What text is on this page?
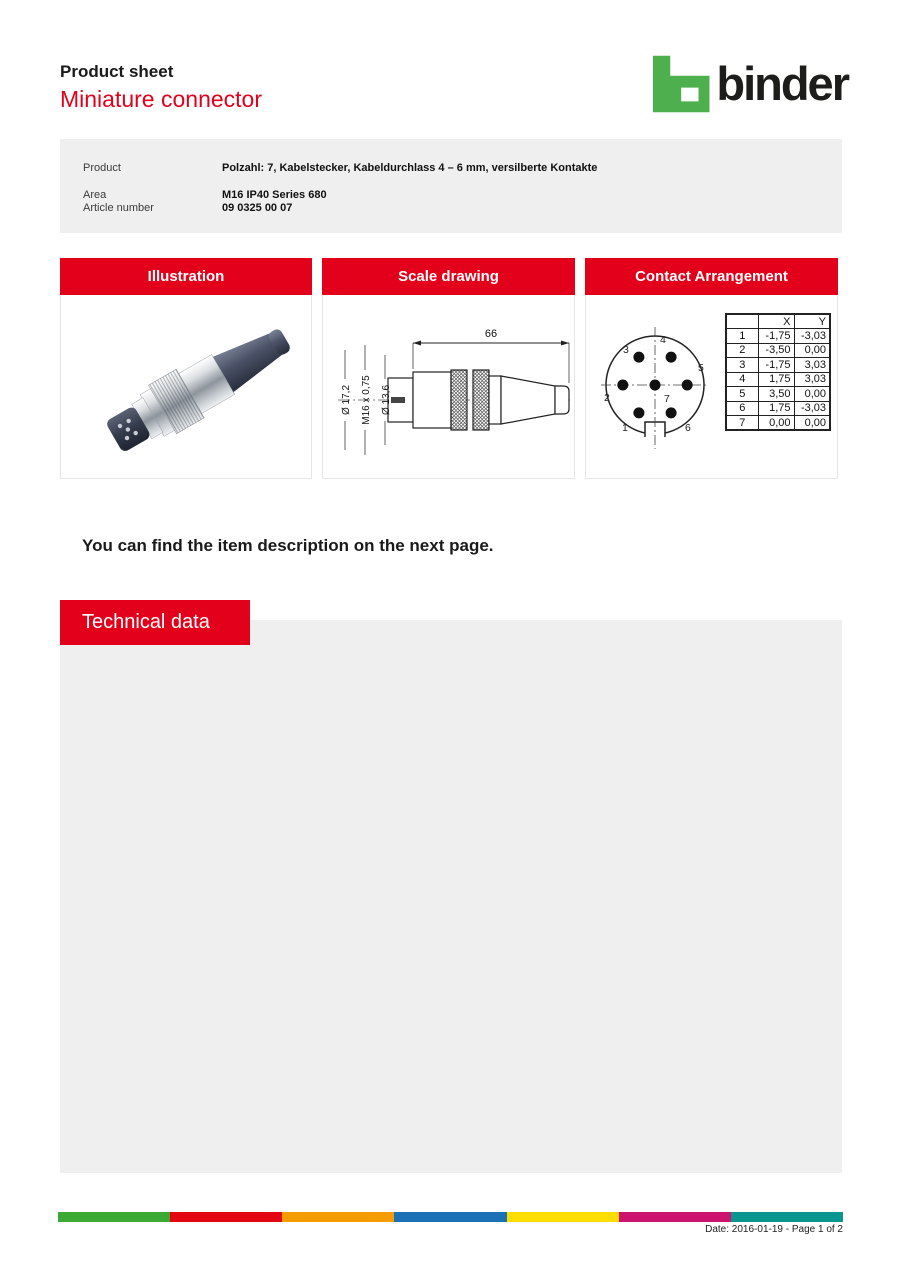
Product sheet
Miniature connector	binder
Product	Polzahl: 7, Kabelstecker, Kabeldurchlass 4 – 6 mm, versilberte Kontakte
Area	M16 IP40 Series 680
Article number	09 0325 00 07
Illustration	Scale drawing
66
Ø 17,2 M16 x 0,75 Ø 13,6
Contact Arrangement
1
2
3
4
5
6
7
	X	Y
1	-1,75	-3,03
2	-3,50	0,00
3	-1,75	3,03
4	1,75	3,03
5	3,50	0,00
6	1,75	-3,03
7	0,00	0,00
You can find the item description on the next page.
Technical data
Date: 2016-01-19 - Page 1 of 2
